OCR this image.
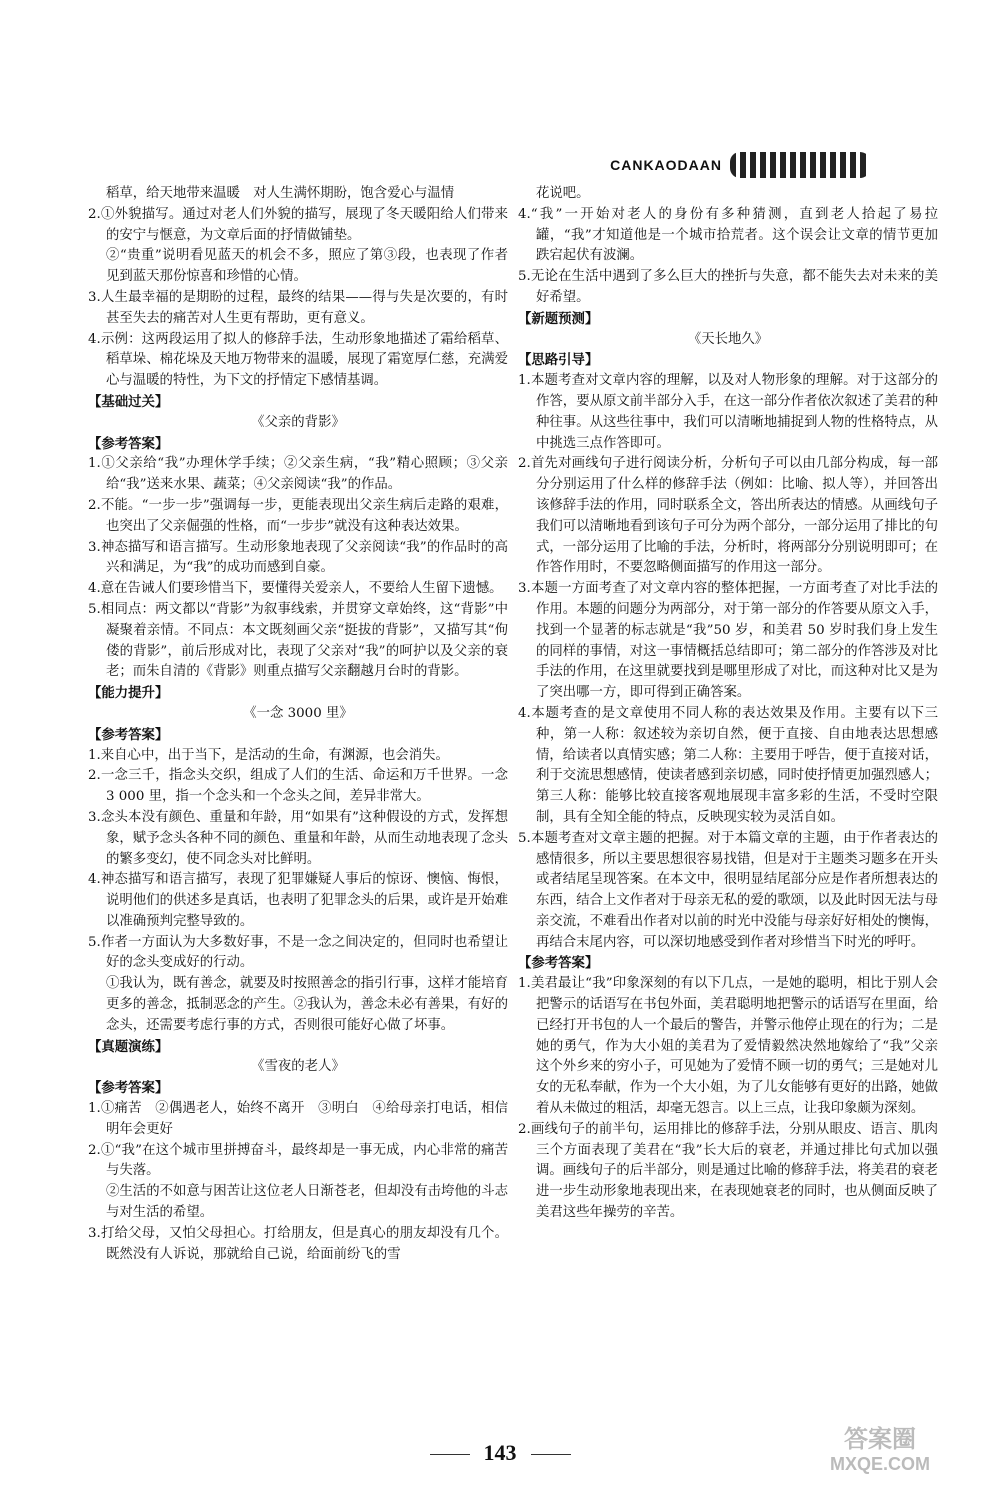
CANKAODAAN

稻草，给天地带来温暖　对人生满怀期盼，饱含爱心与温情

2.①外貌描写。通过对老人们外貌的描写，展现了冬天暖阳给人们带来的安宁与惬意，为文章后面的抒情做铺垫。

②“贵重”说明看见蓝天的机会不多，照应了第③段，也表现了作者见到蓝天那份惊喜和珍惜的心情。

3.人生最幸福的是期盼的过程，最终的结果——得与失是次要的，有时甚至失去的痛苦对人生更有帮助，更有意义。

4.示例：这两段运用了拟人的修辞手法，生动形象地描述了霜给稻草、稻草垛、棉花垛及天地万物带来的温暖，展现了霜宽厚仁慈，充满爱心与温暖的特性，为下文的抒情定下感情基调。

【基础过关】

《父亲的背影》

【参考答案】

1.①父亲给“我”办理休学手续；②父亲生病，“我”精心照顾；③父亲给“我”送来水果、蔬菜；④父亲阅读“我”的作品。

2.不能。“一步一步”强调每一步，更能表现出父亲生病后走路的艰难，也突出了父亲倔强的性格，而“一步步”就没有这种表达效果。

3.神态描写和语言描写。生动形象地表现了父亲阅读“我”的作品时的高兴和满足，为“我”的成功而感到自豪。

4.意在告诫人们要珍惜当下，要懂得关爱亲人，不要给人生留下遗憾。

5.相同点：两文都以“背影”为叙事线索，并贯穿文章始终，这“背影”中凝聚着亲情。不同点：本文既刻画父亲“挺拔的背影”，又描写其“佝偻的背影”，前后形成对比，表现了父亲对“我”的呵护以及父亲的衰老；而朱自清的《背影》则重点描写父亲翻越月台时的背影。

【能力提升】

《一念 3000 里》

【参考答案】

1.来自心中，出于当下，是活动的生命，有渊源，也会消失。

2.一念三千，指念头交织，组成了人们的生活、命运和万千世界。一念 3 000 里，指一个念头和一个念头之间，差异非常大。

3.念头本没有颜色、重量和年龄，用“如果有”这种假设的方式，发挥想象，赋予念头各种不同的颜色、重量和年龄，从而生动地表现了念头的繁多变幻，使不同念头对比鲜明。

4.神态描写和语言描写，表现了犯罪嫌疑人事后的惊讶、懊恼、悔恨，说明他们的供述多是真话，也表明了犯罪念头的后果，或许是开始难以准确预判完整导致的。

5.作者一方面认为大多数好事，不是一念之间决定的，但同时也希望让好的念头变成好的行动。

①我认为，既有善念，就要及时按照善念的指引行事，这样才能培育更多的善念，抵制恶念的产生。②我认为，善念未必有善果，有好的念头，还需要考虑行事的方式，否则很可能好心做了坏事。

【真题演练】

《雪夜的老人》

【参考答案】

1.①痛苦　②偶遇老人，始终不离开　③明白　④给母亲打电话，相信明年会更好

2.①“我”在这个城市里拼搏奋斗，最终却是一事无成，内心非常的痛苦与失落。

②生活的不如意与困苦让这位老人日渐苍老，但却没有击垮他的斗志与对生活的希望。

3.打给父母，又怕父母担心。打给朋友，但是真心的朋友却没有几个。既然没有人诉说，那就给自己说，给面前纷飞的雪

花说吧。

4.“我”一开始对老人的身份有多种猜测，直到老人拾起了易拉罐，“我”才知道他是一个城市拾荒者。这个误会让文章的情节更加跌宕起伏有波澜。

5.无论在生活中遇到了多么巨大的挫折与失意，都不能失去对未来的美好希望。

【新题预测】

《天长地久》

【思路引导】

1.本题考查对文章内容的理解，以及对人物形象的理解。对于这部分的作答，要从原文前半部分入手，在这一部分作者依次叙述了美君的种种往事。从这些往事中，我们可以清晰地捕捉到人物的性格特点，从中挑选三点作答即可。

2.首先对画线句子进行阅读分析，分析句子可以由几部分构成，每一部分分别运用了什么样的修辞手法（例如：比喻、拟人等），并回答出该修辞手法的作用，同时联系全文，答出所表达的情感。从画线句子我们可以清晰地看到该句子可分为两个部分，一部分运用了排比的句式，一部分运用了比喻的手法，分析时，将两部分分别说明即可；在作答作用时，不要忽略侧面描写的作用这一部分。

3.本题一方面考查了对文章内容的整体把握，一方面考查了对比手法的作用。本题的问题分为两部分，对于第一部分的作答要从原文入手，找到一个显著的标志就是“我”50 岁，和美君 50 岁时我们身上发生的同样的事情，对这一事情概括总结即可；第二部分的作答涉及对比手法的作用，在这里就要找到是哪里形成了对比，而这种对比又是为了突出哪一方，即可得到正确答案。

4.本题考查的是文章使用不同人称的表达效果及作用。主要有以下三种，第一人称：叙述较为亲切自然，便于直接、自由地表达思想感情，给读者以真情实感；第二人称：主要用于呼告，便于直接对话，利于交流思想感情，使读者感到亲切感，同时使抒情更加强烈感人；第三人称：能够比较直接客观地展现丰富多彩的生活，不受时空限制，具有全知全能的特点，反映现实较为灵活自如。

5.本题考查对文章主题的把握。对于本篇文章的主题，由于作者表达的感情很多，所以主要思想很容易找错，但是对于主题类习题多在开头或者结尾呈现答案。在本文中，很明显结尾部分应是作者所想表达的东西，结合上文作者对于母亲无私的爱的歌颂，以及此时因无法与母亲交流，不难看出作者对以前的时光中没能与母亲好好相处的懊悔，再结合末尾内容，可以深切地感受到作者对珍惜当下时光的呼吁。

【参考答案】

1.美君最让“我”印象深刻的有以下几点，一是她的聪明，相比于别人会把警示的话语写在书包外面，美君聪明地把警示的话语写在里面，给已经打开书包的人一个最后的警告，并警示他停止现在的行为；二是她的勇气，作为大小姐的美君为了爱情毅然决然地嫁给了“我”父亲这个外乡来的穷小子，可见她为了爱情不顾一切的勇气；三是她对儿女的无私奉献，作为一个大小姐，为了儿女能够有更好的出路，她做着从未做过的粗活，却毫无怨言。以上三点，让我印象颇为深刻。

2.画线句子的前半句，运用排比的修辞手法，分别从眼皮、语言、肌肉三个方面表现了美君在“我”长大后的衰老，并通过排比句式加以强调。画线句子的后半部分，则是通过比喻的修辞手法，将美君的衰老进一步生动形象地表现出来，在表现她衰老的同时，也从侧面反映了美君这些年操劳的辛苦。

143	答案圈
MXQE.COM
